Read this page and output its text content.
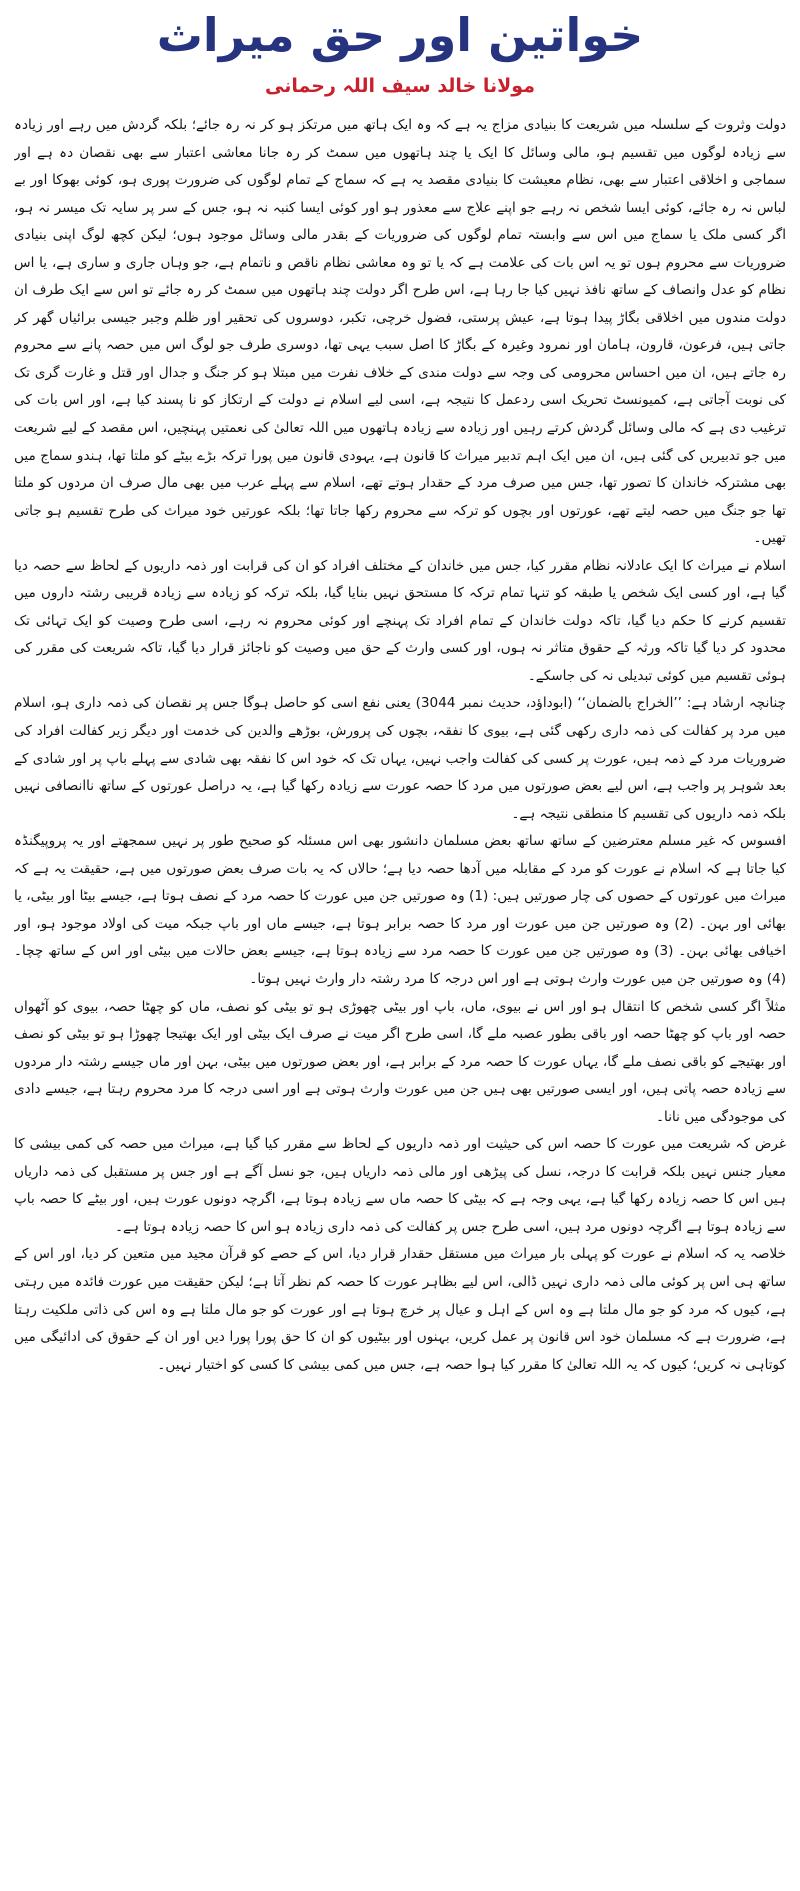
خواتین اور حق میراث
مولانا خالد سیف اللہ رحمانی

دولت وثروت کے سلسلہ میں شریعت کا بنیادی مزاج یہ ہے کہ وہ ایک ہاتھ میں مرتکز ہو کر نہ رہ جائے؛ بلکہ گردش میں رہے اور زیادہ سے زیادہ لوگوں میں تقسیم ہو، مالی وسائل کا ایک یا چند ہاتھوں میں سمٹ کر رہ جانا معاشی اعتبار سے بھی نقصان دہ ہے اور سماجی و اخلاقی اعتبار سے بھی، نظام معیشت کا بنیادی مقصد یہ ہے کہ سماج کے تمام لوگوں کی ضرورت پوری ہو، کوئی بھوکا اور بے لباس نہ رہ جائے، کوئی ایسا شخص نہ رہے جو اپنے علاج سے معذور ہو اور کوئی ایسا کنبہ نہ ہو، جس کے سر پر سایہ تک میسر نہ ہو، اگر کسی ملک یا سماج میں اس سے وابستہ تمام لوگوں کی ضروریات کے بقدر مالی وسائل موجود ہوں؛ لیکن کچھ لوگ اپنی بنیادی ضروریات سے محروم ہوں تو یہ اس بات کی علامت ہے کہ یا تو وہ معاشی نظام ناقص و ناتمام ہے، جو وہاں جاری و ساری ہے، یا اس نظام کو عدل وانصاف کے ساتھ نافذ نہیں کیا جا رہا ہے، اس طرح اگر دولت چند ہاتھوں میں سمٹ کر رہ جائے تو اس سے ایک طرف ان دولت مندوں میں اخلاقی بگاڑ پیدا ہوتا ہے، عیش پرستی، فضول خرچی، تکبر، دوسروں کی تحقیر اور ظلم وجبر جیسی برائیاں گھر کر جاتی ہیں، فرعون، قارون، ہامان اور نمرود وغیرہ کے بگاڑ کا اصل سبب یہی تھا، دوسری طرف جو لوگ اس میں حصہ پانے سے محروم رہ جاتے ہیں، ان میں احساس محرومی کی وجہ سے دولت مندی کے خلاف نفرت میں مبتلا ہو کر جنگ و جدال اور قتل و غارت گری تک کی نوبت آجاتی ہے، کمیونسٹ تحریک اسی ردعمل کا نتیجہ ہے، اسی لیے اسلام نے دولت کے ارتکاز کو نا پسند کیا ہے، اور اس بات کی ترغیب دی ہے کہ مالی وسائل گردش کرتے رہیں اور زیادہ سے زیادہ ہاتھوں میں اللہ تعالیٰ کی نعمتیں پہنچیں، اس مقصد کے لیے شریعت میں جو تدبیریں کی گئی ہیں، ان میں ایک اہم تدبیر میراث کا قانون ہے، یہودی قانون میں پورا ترکہ بڑے بیٹے کو ملتا تھا، ہندو سماج میں بھی مشترکہ خاندان کا تصور تھا، جس میں صرف مرد کے حقدار ہوتے تھے، اسلام سے پہلے عرب میں بھی مال صرف ان مردوں کو ملتا تھا جو جنگ میں حصہ لیتے تھے، عورتوں اور بچوں کو ترکہ سے محروم رکھا جاتا تھا؛ بلکہ عورتیں خود میراث کی طرح تقسیم ہو جاتی تھیں۔

اسلام نے میراث کا ایک عادلانہ نظام مقرر کیا، جس میں خاندان کے مختلف افراد کو ان کی قرابت اور ذمہ داریوں کے لحاظ سے حصہ دیا گیا ہے، اور کسی ایک شخص یا طبقہ کو تنہا تمام ترکہ کا مستحق نہیں بنایا گیا، بلکہ ترکہ کو زیادہ سے زیادہ قریبی رشتہ داروں میں تقسیم کرنے کا حکم دیا گیا، تاکہ دولت خاندان کے تمام افراد تک پہنچے اور کوئی محروم نہ رہے، اسی طرح وصیت کو ایک تہائی تک محدود کر دیا گیا تاکہ ورثہ کے حقوق متاثر نہ ہوں، اور کسی وارث کے حق میں وصیت کو ناجائز قرار دیا گیا، تاکہ شریعت کی مقرر کی ہوئی تقسیم میں کوئی تبدیلی نہ کی جاسکے۔

چنانچہ ارشاد ہے: ’’الخراج بالضمان‘‘ (ابوداؤد، حدیث نمبر 3044) یعنی نفع اسی کو حاصل ہوگا جس پر نقصان کی ذمہ داری ہو، اسلام میں مرد پر کفالت کی ذمہ داری رکھی گئی ہے، بیوی کا نفقہ، بچوں کی پرورش، بوڑھے والدین کی خدمت اور دیگر زیر کفالت افراد کی ضروریات مرد کے ذمہ ہیں، عورت پر کسی کی کفالت واجب نہیں، یہاں تک کہ خود اس کا نفقہ بھی شادی سے پہلے باپ پر اور شادی کے بعد شوہر پر واجب ہے، اس لیے بعض صورتوں میں مرد کا حصہ عورت سے زیادہ رکھا گیا ہے، یہ دراصل عورتوں کے ساتھ ناانصافی نہیں بلکہ ذمہ داریوں کی تقسیم کا منطقی نتیجہ ہے۔

افسوس کہ غیر مسلم معترضین کے ساتھ ساتھ بعض مسلمان دانشور بھی اس مسئلہ کو صحیح طور پر نہیں سمجھتے اور یہ پروپیگنڈہ کیا جاتا ہے کہ اسلام نے عورت کو مرد کے مقابلہ میں آدھا حصہ دیا ہے؛ حالاں کہ یہ بات صرف بعض صورتوں میں ہے، حقیقت یہ ہے کہ میراث میں عورتوں کے حصوں کی چار صورتیں ہیں: (1) وہ صورتیں جن میں عورت کا حصہ مرد کے نصف ہوتا ہے، جیسے بیٹا اور بیٹی، یا بھائی اور بہن۔ (2) وہ صورتیں جن میں عورت اور مرد کا حصہ برابر ہوتا ہے، جیسے ماں اور باپ جبکہ میت کی اولاد موجود ہو، اور اخیافی بھائی بہن۔ (3) وہ صورتیں جن میں عورت کا حصہ مرد سے زیادہ ہوتا ہے، جیسے بعض حالات میں بیٹی اور اس کے ساتھ چچا۔ (4) وہ صورتیں جن میں عورت وارث ہوتی ہے اور اس درجہ کا مرد رشتہ دار وارث نہیں ہوتا۔

مثلاً اگر کسی شخص کا انتقال ہو اور اس نے بیوی، ماں، باپ اور بیٹی چھوڑی ہو تو بیٹی کو نصف، ماں کو چھٹا حصہ، بیوی کو آٹھواں حصہ اور باپ کو چھٹا حصہ اور باقی بطور عصبہ ملے گا، اسی طرح اگر میت نے صرف ایک بیٹی اور ایک بھتیجا چھوڑا ہو تو بیٹی کو نصف اور بھتیجے کو باقی نصف ملے گا، یہاں عورت کا حصہ مرد کے برابر ہے، اور بعض صورتوں میں بیٹی، بہن اور ماں جیسے رشتہ دار مردوں سے زیادہ حصہ پاتی ہیں، اور ایسی صورتیں بھی ہیں جن میں عورت وارث ہوتی ہے اور اسی درجہ کا مرد محروم رہتا ہے، جیسے دادی کی موجودگی میں نانا۔

غرض کہ شریعت میں عورت کا حصہ اس کی حیثیت اور ذمہ داریوں کے لحاظ سے مقرر کیا گیا ہے، میراث میں حصہ کی کمی بیشی کا معیار جنس نہیں بلکہ قرابت کا درجہ، نسل کی پیڑھی اور مالی ذمہ داریاں ہیں، جو نسل آگے ہے اور جس پر مستقبل کی ذمہ داریاں ہیں اس کا حصہ زیادہ رکھا گیا ہے، یہی وجہ ہے کہ بیٹی کا حصہ ماں سے زیادہ ہوتا ہے، اگرچہ دونوں عورت ہیں، اور بیٹے کا حصہ باپ سے زیادہ ہوتا ہے اگرچہ دونوں مرد ہیں، اسی طرح جس پر کفالت کی ذمہ داری زیادہ ہو اس کا حصہ زیادہ ہوتا ہے۔

خلاصہ یہ کہ اسلام نے عورت کو پہلی بار میراث میں مستقل حقدار قرار دیا، اس کے حصے کو قرآن مجید میں متعین کر دیا، اور اس کے ساتھ ہی اس پر کوئی مالی ذمہ داری نہیں ڈالی، اس لیے بظاہر عورت کا حصہ کم نظر آتا ہے؛ لیکن حقیقت میں عورت فائدہ میں رہتی ہے، کیوں کہ مرد کو جو مال ملتا ہے وہ اس کے اہل و عیال پر خرچ ہوتا ہے اور عورت کو جو مال ملتا ہے وہ اس کی ذاتی ملکیت رہتا ہے، ضرورت ہے کہ مسلمان خود اس قانون پر عمل کریں، بہنوں اور بیٹیوں کو ان کا حق پورا پورا دیں اور ان کے حقوق کی ادائیگی میں کوتاہی نہ کریں؛ کیوں کہ یہ اللہ تعالیٰ کا مقرر کیا ہوا حصہ ہے، جس میں کمی بیشی کا کسی کو اختیار نہیں۔
